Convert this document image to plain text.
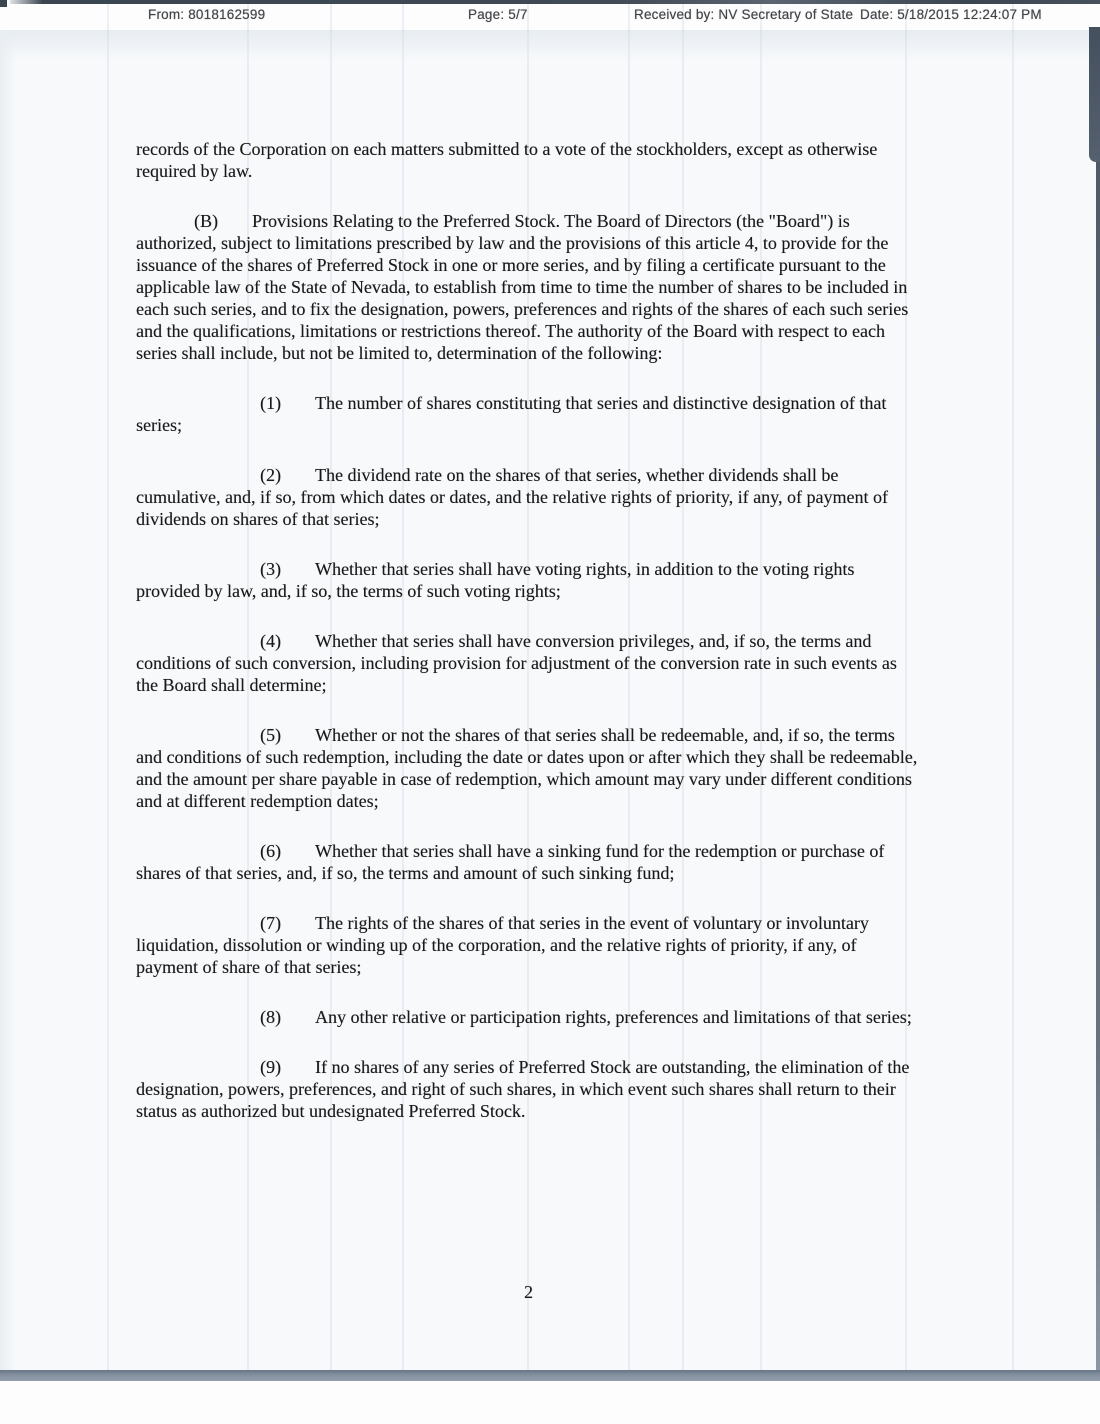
From: 8018162599	Page: 5/7	Received by: NV Secretary of State Date: 5/18/2015 12:24:07 PM

records of the Corporation on each matters submitted to a vote of the stockholders, except as otherwise required by law.

(B) Provisions Relating to the Preferred Stock. The Board of Directors (the "Board") is authorized, subject to limitations prescribed by law and the provisions of this article 4, to provide for the issuance of the shares of Preferred Stock in one or more series, and by filing a certificate pursuant to the applicable law of the State of Nevada, to establish from time to time the number of shares to be included in each such series, and to fix the designation, powers, preferences and rights of the shares of each such series and the qualifications, limitations or restrictions thereof. The authority of the Board with respect to each series shall include, but not be limited to, determination of the following:

(1) The number of shares constituting that series and distinctive designation of that series;

(2) The dividend rate on the shares of that series, whether dividends shall be cumulative, and, if so, from which dates or dates, and the relative rights of priority, if any, of payment of dividends on shares of that series;

(3) Whether that series shall have voting rights, in addition to the voting rights provided by law, and, if so, the terms of such voting rights;

(4) Whether that series shall have conversion privileges, and, if so, the terms and conditions of such conversion, including provision for adjustment of the conversion rate in such events as the Board shall determine;

(5) Whether or not the shares of that series shall be redeemable, and, if so, the terms and conditions of such redemption, including the date or dates upon or after which they shall be redeemable, and the amount per share payable in case of redemption, which amount may vary under different conditions and at different redemption dates;

(6) Whether that series shall have a sinking fund for the redemption or purchase of shares of that series, and, if so, the terms and amount of such sinking fund;

(7) The rights of the shares of that series in the event of voluntary or involuntary liquidation, dissolution or winding up of the corporation, and the relative rights of priority, if any, of payment of share of that series;

(8) Any other relative or participation rights, preferences and limitations of that series;

(9) If no shares of any series of Preferred Stock are outstanding, the elimination of the designation, powers, preferences, and right of such shares, in which event such shares shall return to their status as authorized but undesignated Preferred Stock.

2
